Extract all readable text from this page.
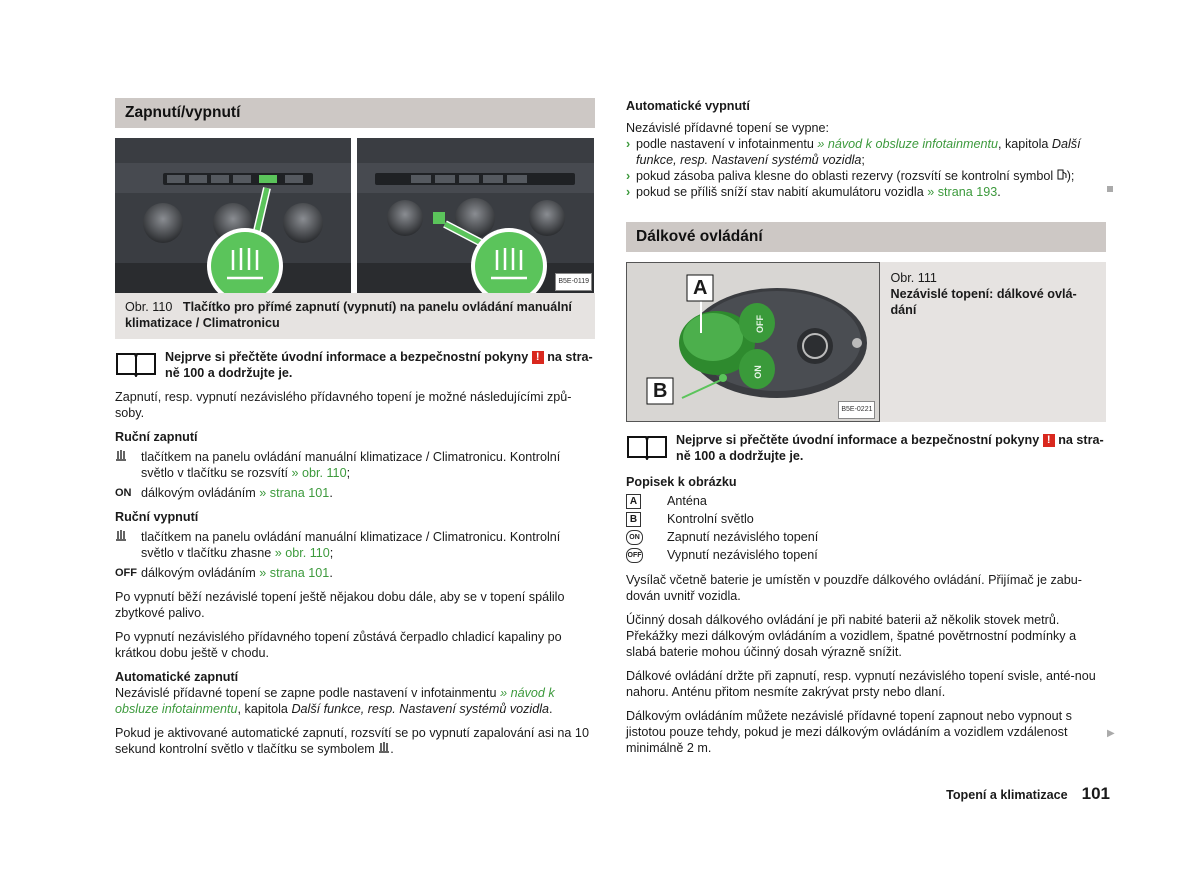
Zapnutí/vypnutí
B5E-0119
Obr. 110 Tlačítko pro přímé zapnutí (vypnutí) na panelu ovládání manuální klimatizace / Climatronicu
Nejprve si přečtěte úvodní informace a bezpečnostní pokyny ! na stra-ně 100 a dodržujte je.
Zapnutí, resp. vypnutí nezávislého přídavného topení je možné následujícími způ-soby.
Ruční zapnutí
tlačítkem na panelu ovládání manuální klimatizace / Climatronicu. Kontrolní světlo v tlačítku se rozsvítí » obr. 110;
ON dálkovým ovládáním » strana 101.
Ruční vypnutí
tlačítkem na panelu ovládání manuální klimatizace / Climatronicu. Kontrolní světlo v tlačítku zhasne » obr. 110;
OFF dálkovým ovládáním » strana 101.
Po vypnutí běží nezávislé topení ještě nějakou dobu dále, aby se v topení spálilo zbytkové palivo.
Po vypnutí nezávislého přídavného topení zůstává čerpadlo chladicí kapaliny po krátkou dobu ještě v chodu.
Automatické zapnutí
Nezávislé přídavné topení se zapne podle nastavení v infotainmentu » návod k obsluze infotainmentu, kapitola Další funkce, resp. Nastavení systémů vozidla.
Pokud je aktivované automatické zapnutí, rozsvítí se po vypnutí zapalování asi na 10 sekund kontrolní světlo v tlačítku se symbolem .
Automatické vypnutí
Nezávislé přídavné topení se vypne:
› podle nastavení v infotainmentu » návod k obsluze infotainmentu, kapitola Další funkce, resp. Nastavení systémů vozidla;
› pokud zásoba paliva klesne do oblasti rezervy (rozsvítí se kontrolní symbol );
› pokud se příliš sníží stav nabití akumulátoru vozidla » strana 193.
Dálkové ovládání
A
B
OFF
ON
B5E-0221
Obr. 111
Nezávislé topení: dálkové ovlá-dání
Nejprve si přečtěte úvodní informace a bezpečnostní pokyny ! na stra-ně 100 a dodržujte je.
Popisek k obrázku
A	Anténa
B	Kontrolní světlo
ON Zapnutí nezávislého topení
OFF Vypnutí nezávislého topení
Vysílač včetně baterie je umístěn v pouzdře dálkového ovládání. Přijímač je zabu-dován uvnitř vozidla.
Účinný dosah dálkového ovládání je při nabité baterii až několik stovek metrů. Překážky mezi dálkovým ovládáním a vozidlem, špatné povětrnostní podmínky a slabá baterie mohou účinný dosah výrazně snížit.
Dálkové ovládání držte při zapnutí, resp. vypnutí nezávislého topení svisle, anté-nou nahoru. Anténu přitom nesmíte zakrývat prsty nebo dlaní.
Dálkovým ovládáním můžete nezávislé přídavné topení zapnout nebo vypnout s jistotou pouze tehdy, pokud je mezi dálkovým ovládáním a vozidlem vzdálenost minimálně 2 m.
▶
Topení a klimatizace 101
